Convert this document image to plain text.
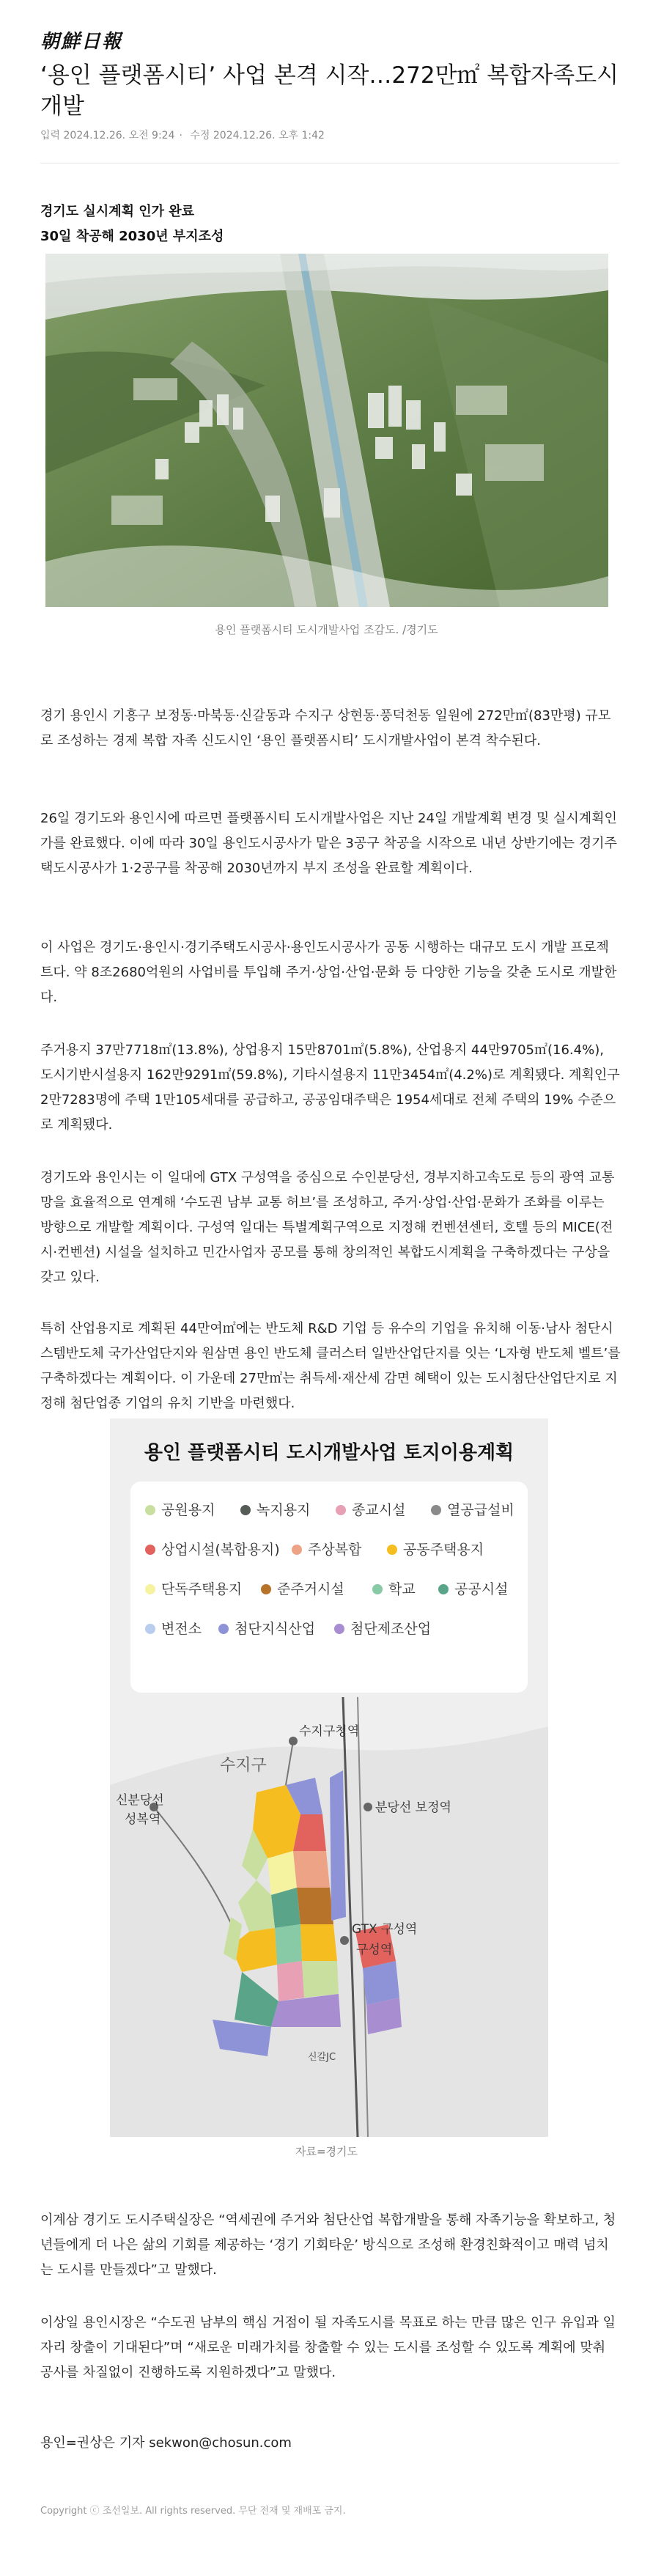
朝鮮日報
‘용인 플랫폼시티’ 사업 본격 시작…272만㎡ 복합자족도시 개발
입력 2024.12.26. 오전 9:24 · 수정 2024.12.26. 오후 1:42
경기도 실시계획 인가 완료
30일 착공해 2030년 부지조성
용인 플랫폼시티 도시개발사업 조감도. /경기도

경기 용인시 기흥구 보정동·마북동·신갈동과 수지구 상현동·풍덕천동 일원에 272만㎡(83만평) 규모로 조성하는 경제 복합 자족 신도시인 ‘용인 플랫폼시티’ 도시개발사업이 본격 착수된다.

26일 경기도와 용인시에 따르면 플랫폼시티 도시개발사업은 지난 24일 개발계획 변경 및 실시계획인가를 완료했다. 이에 따라 30일 용인도시공사가 맡은 3공구 착공을 시작으로 내년 상반기에는 경기주택도시공사가 1·2공구를 착공해 2030년까지 부지 조성을 완료할 계획이다.

이 사업은 경기도·용인시·경기주택도시공사·용인도시공사가 공동 시행하는 대규모 도시 개발 프로젝트다. 약 8조2680억원의 사업비를 투입해 주거·상업·산업·문화 등 다양한 기능을 갖춘 도시로 개발한다.

주거용지 37만7718㎡(13.8%), 상업용지 15만8701㎡(5.8%), 산업용지 44만9705㎡(16.4%), 도시기반시설용지 162만9291㎡(59.8%), 기타시설용지 11만3454㎡(4.2%)로 계획됐다. 계획인구 2만7283명에 주택 1만105세대를 공급하고, 공공임대주택은 1954세대로 전체 주택의 19% 수준으로 계획됐다.

경기도와 용인시는 이 일대에 GTX 구성역을 중심으로 수인분당선, 경부지하고속도로 등의 광역 교통망을 효율적으로 연계해 ‘수도권 남부 교통 허브’를 조성하고, 주거·상업·산업·문화가 조화를 이루는 방향으로 개발할 계획이다. 구성역 일대는 특별계획구역으로 지정해 컨벤션센터, 호텔 등의 MICE(전시·컨벤션) 시설을 설치하고 민간사업자 공모를 통해 창의적인 복합도시계획을 구축하겠다는 구상을 갖고 있다.

특히 산업용지로 계획된 44만여㎡에는 반도체 R&D 기업 등 유수의 기업을 유치해 이동·남사 첨단시스템반도체 국가산업단지와 원삼면 용인 반도체 클러스터 일반산업단지를 잇는 ‘L자형 반도체 벨트’를 구축하겠다는 계획이다. 이 가운데 27만㎡는 취득세·재산세 감면 혜택이 있는 도시첨단산업단지로 지정해 첨단업종 기업의 유치 기반을 마련했다.

용인 플랫폼시티 도시개발사업 토지이용계획
공원용지	녹지용지	종교시설	열공급설비
상업시설(복합용지)	주상복합	공동주택용지
단독주택용지	준주거시설	학교	공공시설
변전소	첨단지식산업	첨단제조산업
수지구청역
수지구
분당선 보정역
신분당선
성복역
GTX 구성역
구성역
신갈JC
자료=경기도

이계삼 경기도 도시주택실장은 “역세권에 주거와 첨단산업 복합개발을 통해 자족기능을 확보하고, 청년들에게 더 나은 삶의 기회를 제공하는 ‘경기 기회타운’ 방식으로 조성해 환경친화적이고 매력 넘치는 도시를 만들겠다”고 말했다.

이상일 용인시장은 “수도권 남부의 핵심 거점이 될 자족도시를 목표로 하는 만큼 많은 인구 유입과 일자리 창출이 기대된다”며 “새로운 미래가치를 창출할 수 있는 도시를 조성할 수 있도록 계획에 맞춰 공사를 차질없이 진행하도록 지원하겠다”고 말했다.

용인=권상은 기자 sekwon@chosun.com
Copyright ⓒ 조선일보. All rights reserved. 무단 전재 및 재배포 금지.
